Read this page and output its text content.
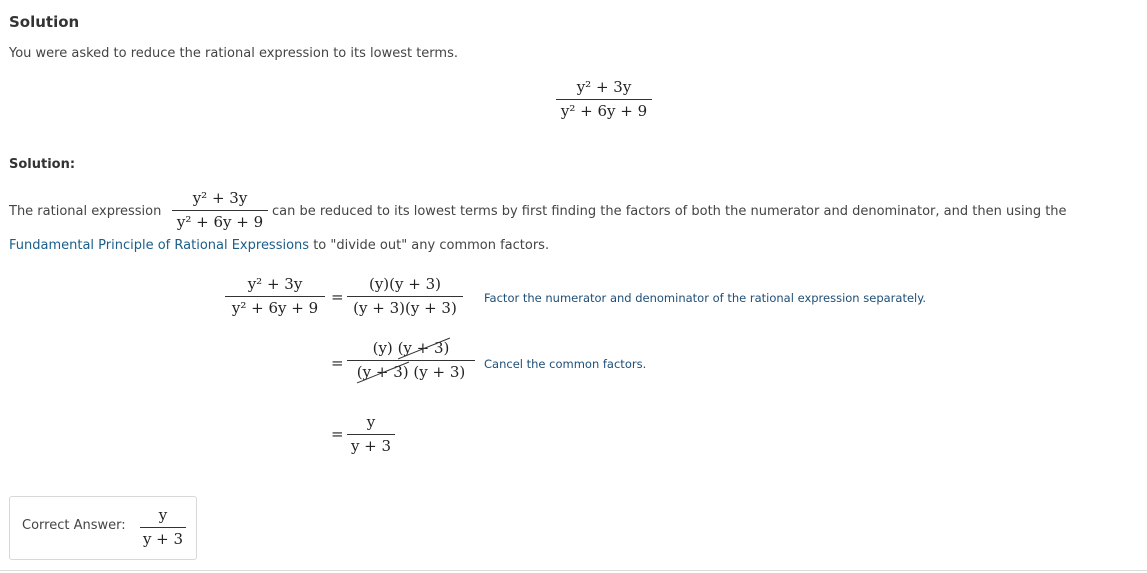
Solution
You were asked to reduce the rational expression to its lowest terms.
y² + 3y
y² + 6y + 9
Solution:
The rational expression
y² + 3y
y² + 6y + 9
can be reduced to its lowest terms by first finding the factors of both the numerator and denominator, and then using the
Fundamental Principle of Rational Expressions to "divide out" any common factors.
y² + 3y
y² + 6y + 9
=
(y)(y + 3)
(y + 3)(y + 3)
Factor the numerator and denominator of the rational expression separately.
=
(y) (y + 3)
(y + 3) (y + 3)	Cancel the common factors.
=
y
y + 3
Correct Answer:
y
y + 3
